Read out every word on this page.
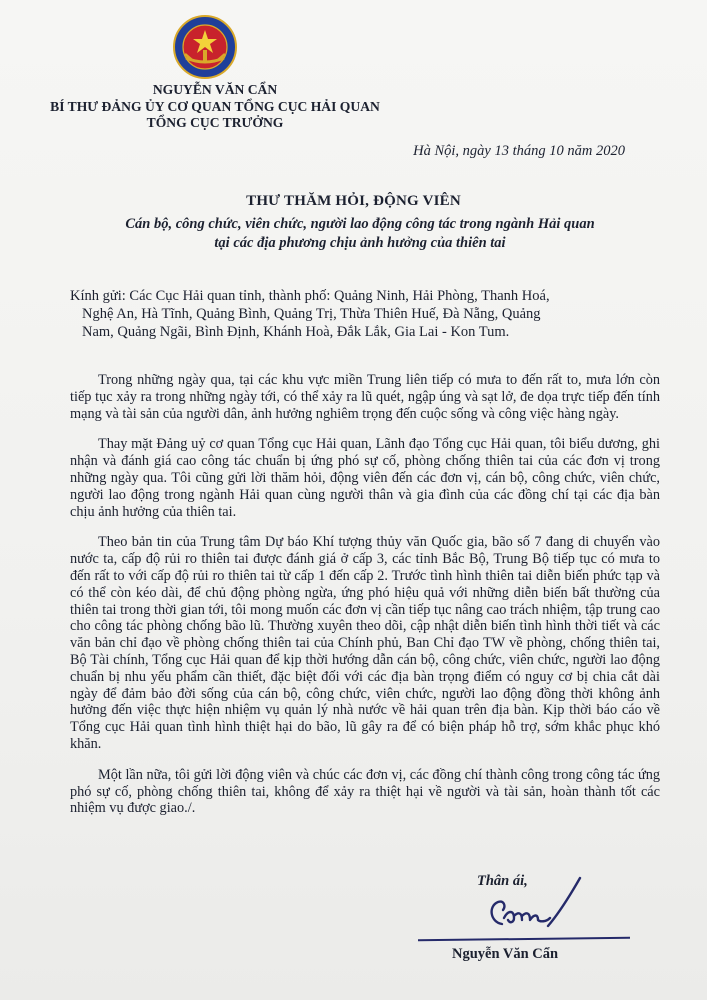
NGUYỄN VĂN CẨN
BÍ THƯ ĐẢNG ỦY CƠ QUAN TỔNG CỤC HẢI QUAN
TỔNG CỤC TRƯỞNG
Hà Nội, ngày 13 tháng 10 năm 2020
THƯ THĂM HỎI, ĐỘNG VIÊN
Cán bộ, công chức, viên chức, người lao động công tác trong ngành Hải quan
tại các địa phương chịu ảnh hưởng của thiên tai
Kính gửi: Các Cục Hải quan tỉnh, thành phố: Quảng Ninh, Hải Phòng, Thanh Hoá,
Nghệ An, Hà Tĩnh, Quảng Bình, Quảng Trị, Thừa Thiên Huế, Đà Nẵng, Quảng
Nam, Quảng Ngãi, Bình Định, Khánh Hoà, Đắk Lắk, Gia Lai - Kon Tum.

Trong những ngày qua, tại các khu vực miền Trung liên tiếp có mưa to đến rất to, mưa lớn còn tiếp tục xảy ra trong những ngày tới, có thể xảy ra lũ quét, ngập úng và sạt lở, đe dọa trực tiếp đến tính mạng và tài sản của người dân, ảnh hưởng nghiêm trọng đến cuộc sống và công việc hàng ngày.

Thay mặt Đảng uỷ cơ quan Tổng cục Hải quan, Lãnh đạo Tổng cục Hải quan, tôi biểu dương, ghi nhận và đánh giá cao công tác chuẩn bị ứng phó sự cố, phòng chống thiên tai của các đơn vị trong những ngày qua. Tôi cũng gửi lời thăm hỏi, động viên đến các đơn vị, cán bộ, công chức, viên chức, người lao động trong ngành Hải quan cùng người thân và gia đình của các đồng chí tại các địa bàn chịu ảnh hưởng của thiên tai.

Theo bản tin của Trung tâm Dự báo Khí tượng thủy văn Quốc gia, bão số 7 đang di chuyển vào nước ta, cấp độ rủi ro thiên tai được đánh giá ở cấp 3, các tỉnh Bắc Bộ, Trung Bộ tiếp tục có mưa to đến rất to với cấp độ rủi ro thiên tai từ cấp 1 đến cấp 2. Trước tình hình thiên tai diễn biến phức tạp và có thể còn kéo dài, để chủ động phòng ngừa, ứng phó hiệu quả với những diễn biến bất thường của thiên tai trong thời gian tới, tôi mong muốn các đơn vị cần tiếp tục nâng cao trách nhiệm, tập trung cao cho công tác phòng chống bão lũ. Thường xuyên theo dõi, cập nhật diễn biến tình hình thời tiết và các văn bản chỉ đạo về phòng chống thiên tai của Chính phủ, Ban Chỉ đạo TW về phòng, chống thiên tai, Bộ Tài chính, Tổng cục Hải quan để kịp thời hướng dẫn cán bộ, công chức, viên chức, người lao động chuẩn bị nhu yếu phẩm cần thiết, đặc biệt đối với các địa bàn trọng điểm có nguy cơ bị chia cắt dài ngày để đảm bảo đời sống của cán bộ, công chức, viên chức, người lao động đồng thời không ảnh hưởng đến việc thực hiện nhiệm vụ quản lý nhà nước về hải quan trên địa bàn. Kịp thời báo cáo về Tổng cục Hải quan tình hình thiệt hại do bão, lũ gây ra để có biện pháp hỗ trợ, sớm khắc phục khó khăn.

Một lần nữa, tôi gửi lời động viên và chúc các đơn vị, các đồng chí thành công trong công tác ứng phó sự cố, phòng chống thiên tai, không để xảy ra thiệt hại về người và tài sản, hoàn thành tốt các nhiệm vụ được giao./.

Thân ái,
Nguyễn Văn Cẩn
